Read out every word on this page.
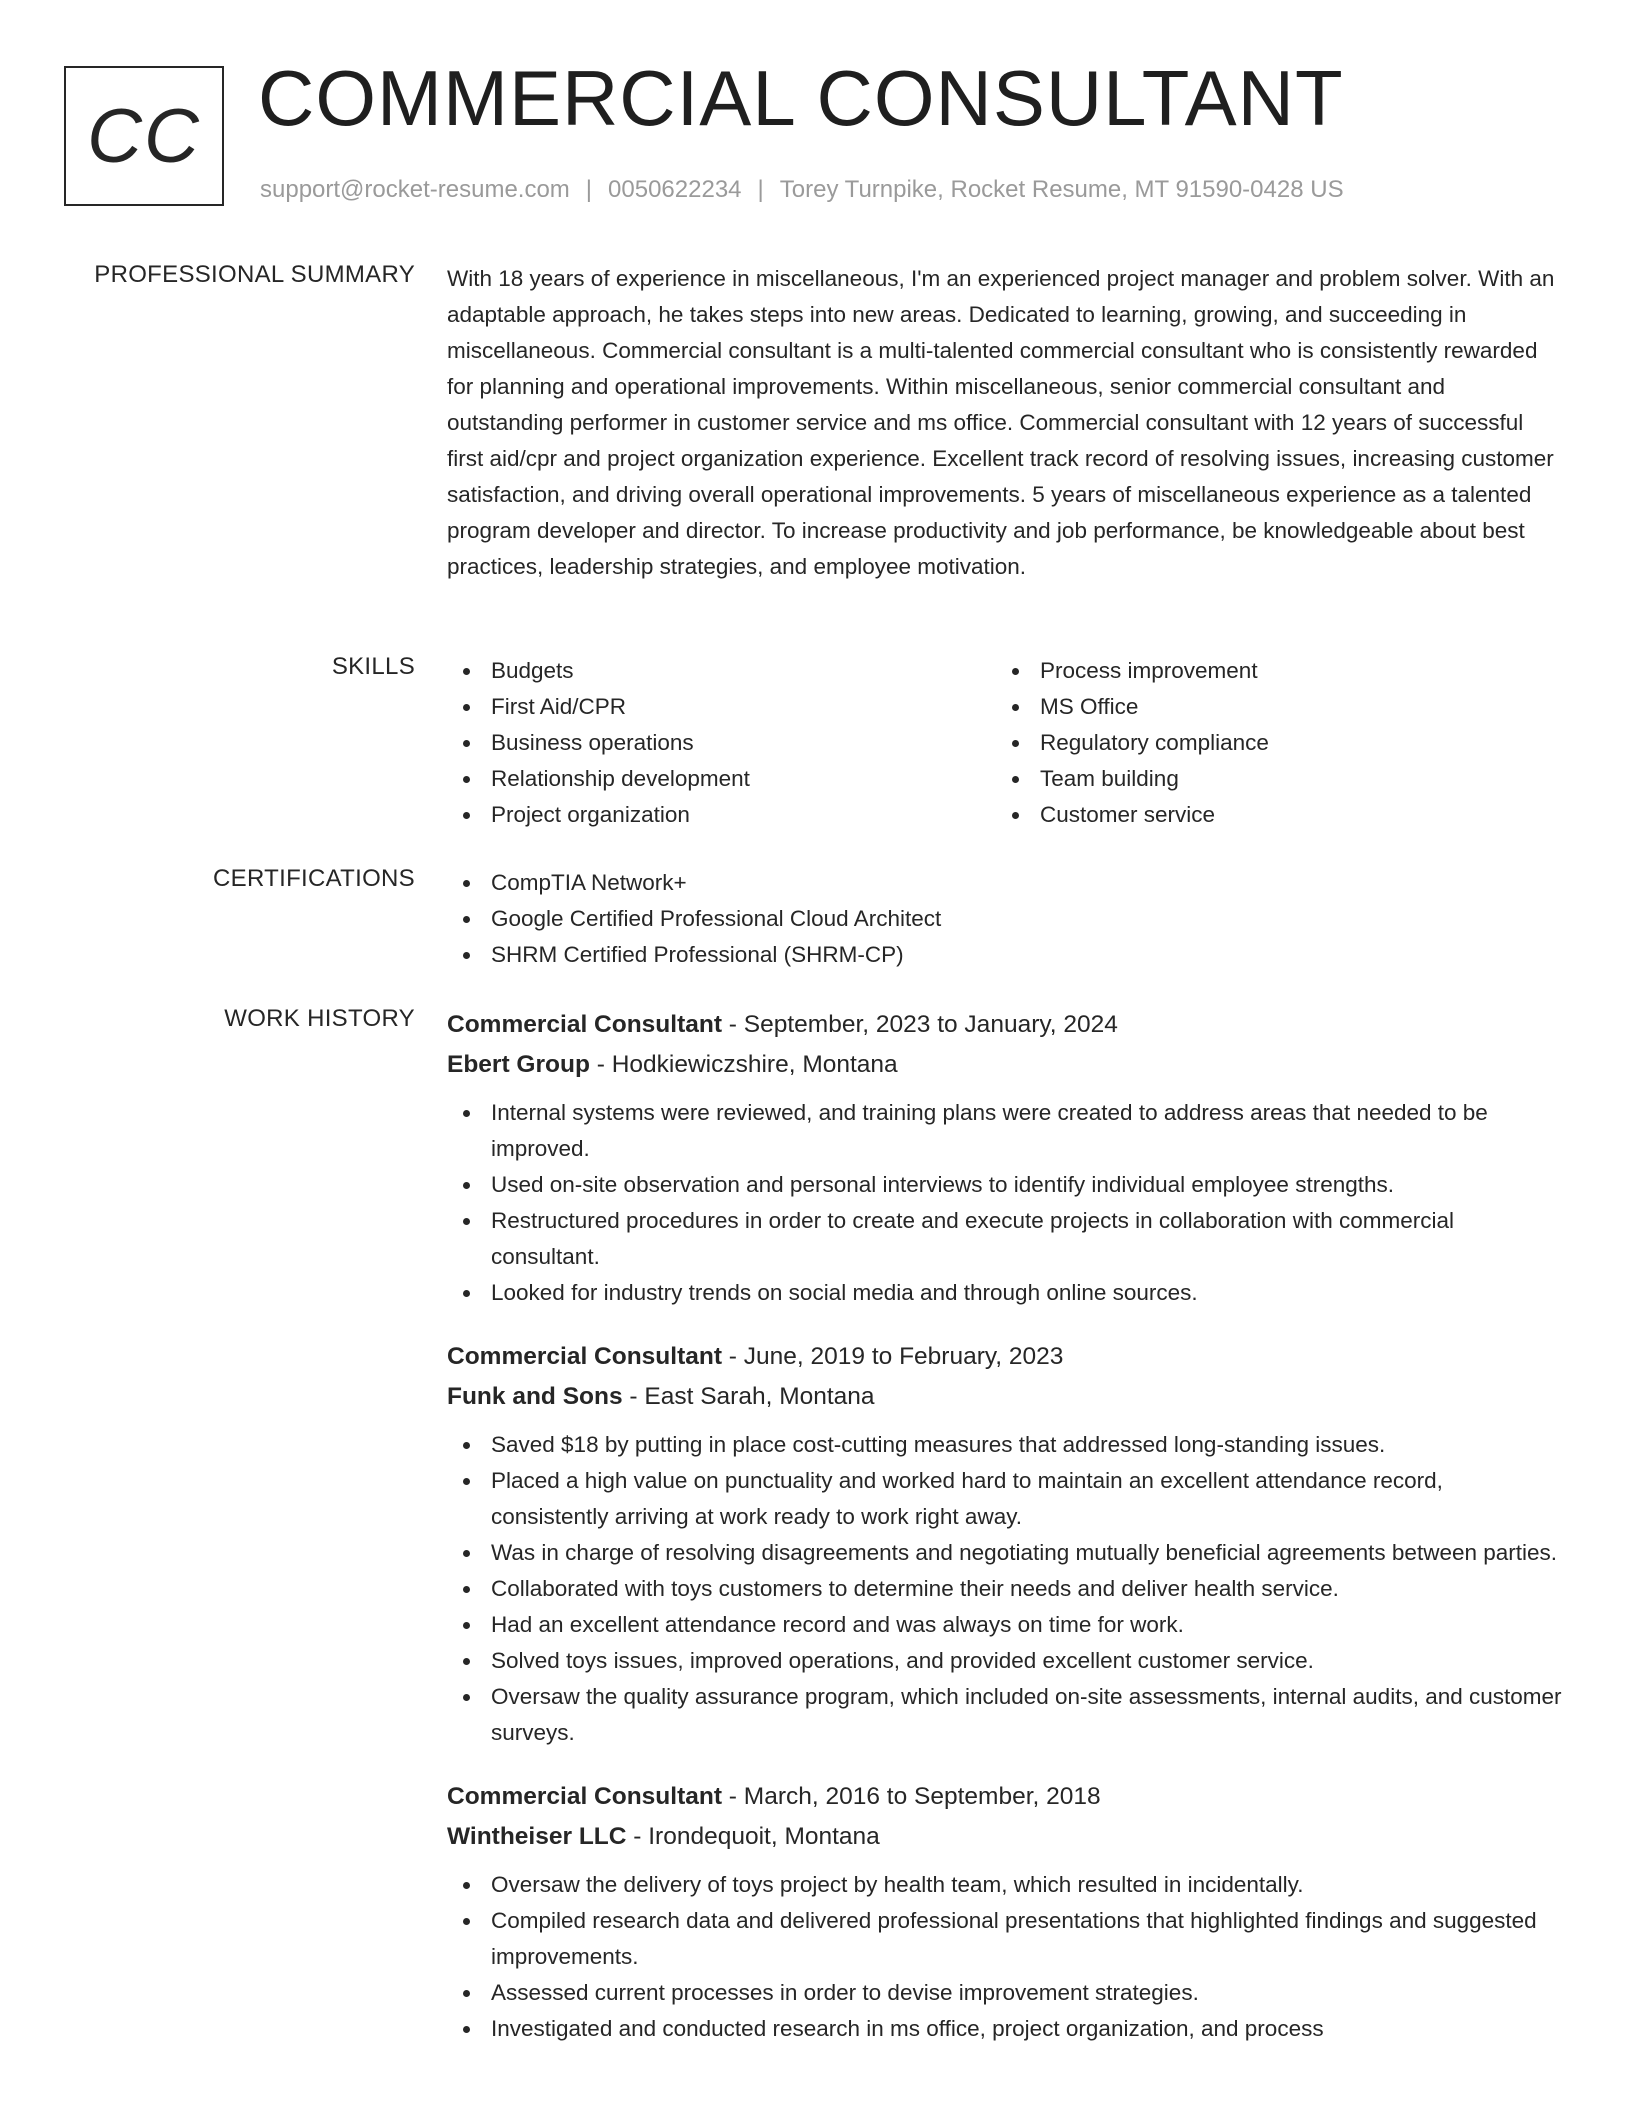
CC COMMERCIAL CONSULTANT
support@rocket-resume.com | 0050622234 | Torey Turnpike, Rocket Resume, MT 91590-0428 US
PROFESSIONAL SUMMARY With 18 years of experience in miscellaneous, I'm an experienced project manager and problem solver. With an adaptable approach, he takes steps into new areas. Dedicated to learning, growing, and succeeding in miscellaneous. Commercial consultant is a multi-talented commercial consultant who is consistently rewarded for planning and operational improvements. Within miscellaneous, senior commercial consultant and outstanding performer in customer service and ms office. Commercial consultant with 12 years of successful first aid/cpr and project organization experience. Excellent track record of resolving issues, increasing customer satisfaction, and driving overall operational improvements. 5 years of miscellaneous experience as a talented program developer and director. To increase productivity and job performance, be knowledgeable about best practices, leadership strategies, and employee motivation.
SKILLS	Budgets
First Aid/CPR
Business operations
Relationship development
Project organization
Process improvement
MS Office
Regulatory compliance
Team building
Customer service
CERTIFICATIONS	CompTIA Network+
Google Certified Professional Cloud Architect
SHRM Certified Professional (SHRM-CP)
WORK HISTORY Commercial Consultant - September, 2023 to January, 2024
Ebert Group - Hodkiewiczshire, Montana
Internal systems were reviewed, and training plans were created to address areas that needed to be improved.
Used on-site observation and personal interviews to identify individual employee strengths.
Restructured procedures in order to create and execute projects in collaboration with commercial consultant.
Looked for industry trends on social media and through online sources.
Commercial Consultant - June, 2019 to February, 2023
Funk and Sons - East Sarah, Montana
Saved $18 by putting in place cost-cutting measures that addressed long-standing issues.
Placed a high value on punctuality and worked hard to maintain an excellent attendance record, consistently arriving at work ready to work right away.
Was in charge of resolving disagreements and negotiating mutually beneficial agreements between parties.
Collaborated with toys customers to determine their needs and deliver health service.
Had an excellent attendance record and was always on time for work.
Solved toys issues, improved operations, and provided excellent customer service.
Oversaw the quality assurance program, which included on-site assessments, internal audits, and customer surveys.
Commercial Consultant - March, 2016 to September, 2018
Wintheiser LLC - Irondequoit, Montana
Oversaw the delivery of toys project by health team, which resulted in incidentally.
Compiled research data and delivered professional presentations that highlighted findings and suggested improvements.
Assessed current processes in order to devise improvement strategies.
Investigated and conducted research in ms office, project organization, and process
